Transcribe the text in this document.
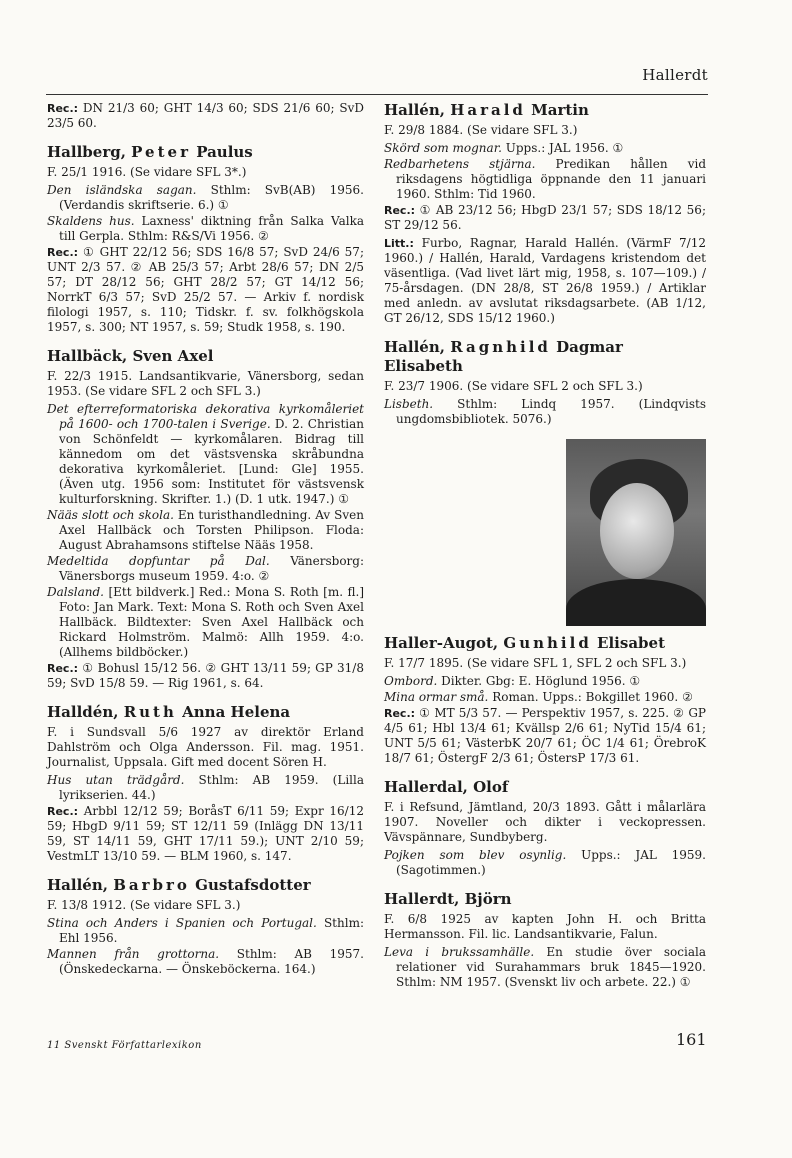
Hallerdt

Rec.: DN 21/3 60; GHT 14/3 60; SDS 21/6 60; SvD 23/5 60.

Hallberg, Peter Paulus

F. 25/1 1916. (Se vidare SFL 3*.)

Den isländska sagan. Sthlm: SvB(AB) 1956. (Verdandis skriftserie. 6.) ①

Skaldens hus. Laxness' diktning från Salka Valka till Gerpla. Sthlm: R&S/Vi 1956. ②

Rec.: ① GHT 22/12 56; SDS 16/8 57; SvD 24/6 57; UNT 2/3 57. ② AB 25/3 57; Arbt 28/6 57; DN 2/5 57; DT 28/12 56; GHT 28/2 57; GT 14/12 56; NorrkT 6/3 57; SvD 25/2 57. — Arkiv f. nordisk filologi 1957, s. 110; Tidskr. f. sv. folkhögskola 1957, s. 300; NT 1957, s. 59; Studk 1958, s. 190.

Hallbäck, Sven Axel

F. 22/3 1915. Landsantikvarie, Vänersborg, sedan 1953. (Se vidare SFL 2 och SFL 3.)

Det efterreformatoriska dekorativa kyrkomåleriet på 1600- och 1700-talen i Sverige. D. 2. Christian von Schönfeldt — kyrkomålaren. Bidrag till kännedom om det västsvenska skråbundna dekorativa kyrkomåleriet. [Lund: Gle] 1955. (Även utg. 1956 som: Institutet för västsvensk kulturforskning. Skrifter. 1.) (D. 1 utk. 1947.) ①

Nääs slott och skola. En turisthandledning. Av Sven Axel Hallbäck och Torsten Philipson. Floda: August Abrahamsons stiftelse Nääs 1958.

Medeltida dopfuntar på Dal. Vänersborg: Vänersborgs museum 1959. 4:o. ②

Dalsland. [Ett bildverk.] Red.: Mona S. Roth [m. fl.] Foto: Jan Mark. Text: Mona S. Roth och Sven Axel Hallbäck. Bildtexter: Sven Axel Hallbäck och Rickard Holmström. Malmö: Allh 1959. 4:o. (Allhems bildböcker.)

Rec.: ① Bohusl 15/12 56. ② GHT 13/11 59; GP 31/8 59; SvD 15/8 59. — Rig 1961, s. 64.

Halldén, Ruth Anna Helena

F. i Sundsvall 5/6 1927 av direktör Erland Dahlström och Olga Andersson. Fil. mag. 1951. Journalist, Uppsala. Gift med docent Sören H.

Hus utan trädgård. Sthlm: AB 1959. (Lilla lyrikserien. 44.)

Rec.: Arbbl 12/12 59; BoråsT 6/11 59; Expr 16/12 59; HbgD 9/11 59; ST 12/11 59 (Inlägg DN 13/11 59, ST 14/11 59, GHT 17/11 59.); UNT 2/10 59; VestmLT 13/10 59. — BLM 1960, s. 147.

Hallén, Barbro Gustafsdotter

F. 13/8 1912. (Se vidare SFL 3.)

Stina och Anders i Spanien och Portugal. Sthlm: Ehl 1956.

Mannen från grottorna. Sthlm: AB 1957. (Önskedeckarna. — Önskeböckerna. 164.)

Hallén, Harald Martin

F. 29/8 1884. (Se vidare SFL 3.)

Skörd som mognar. Upps.: JAL 1956. ①

Redbarhetens stjärna. Predikan hållen vid riksdagens högtidliga öppnande den 11 januari 1960. Sthlm: Tid 1960.

Rec.: ① AB 23/12 56; HbgD 23/1 57; SDS 18/12 56; ST 29/12 56.

Litt.: Furbo, Ragnar, Harald Hallén. (VärmF 7/12 1960.) / Hallén, Harald, Vardagens kristendom det väsentliga. (Vad livet lärt mig, 1958, s. 107—109.) / 75-årsdagen. (DN 28/8, ST 26/8 1959.) / Artiklar med anledn. av avslutat riksdagsarbete. (AB 1/12, GT 26/12, SDS 15/12 1960.)

Hallén, Ragnhild Dagmar Elisabeth

F. 23/7 1906. (Se vidare SFL 2 och SFL 3.)

Lisbeth. Sthlm: Lindq 1957. (Lindqvists ungdomsbibliotek. 5076.)

Haller-Augot, Gunhild Elisabet

F. 17/7 1895. (Se vidare SFL 1, SFL 2 och SFL 3.)

Ombord. Dikter. Gbg: E. Höglund 1956. ①

Mina ormar små. Roman. Upps.: Bokgillet 1960. ②

Rec.: ① MT 5/3 57. — Perspektiv 1957, s. 225. ② GP 4/5 61; Hbl 13/4 61; Kvällsp 2/6 61; NyTid 15/4 61; UNT 5/5 61; VästerbK 20/7 61; ÖC 1/4 61; ÖrebroK 18/7 61; ÖstergF 2/3 61; ÖstersP 17/3 61.

Hallerdal, Olof

F. i Refsund, Jämtland, 20/3 1893. Gått i målarlära 1907. Noveller och dikter i veckopressen. Vävspännare, Sundbyberg.

Pojken som blev osynlig. Upps.: JAL 1959. (Sagotimmen.)

Hallerdt, Björn

F. 6/8 1925 av kapten John H. och Britta Hermansson. Fil. lic. Landsantikvarie, Falun.

Leva i brukssamhälle. En studie över sociala relationer vid Surahammars bruk 1845—1920. Sthlm: NM 1957. (Svenskt liv och arbete. 22.) ①

11 Svenskt Författarlexikon	161
